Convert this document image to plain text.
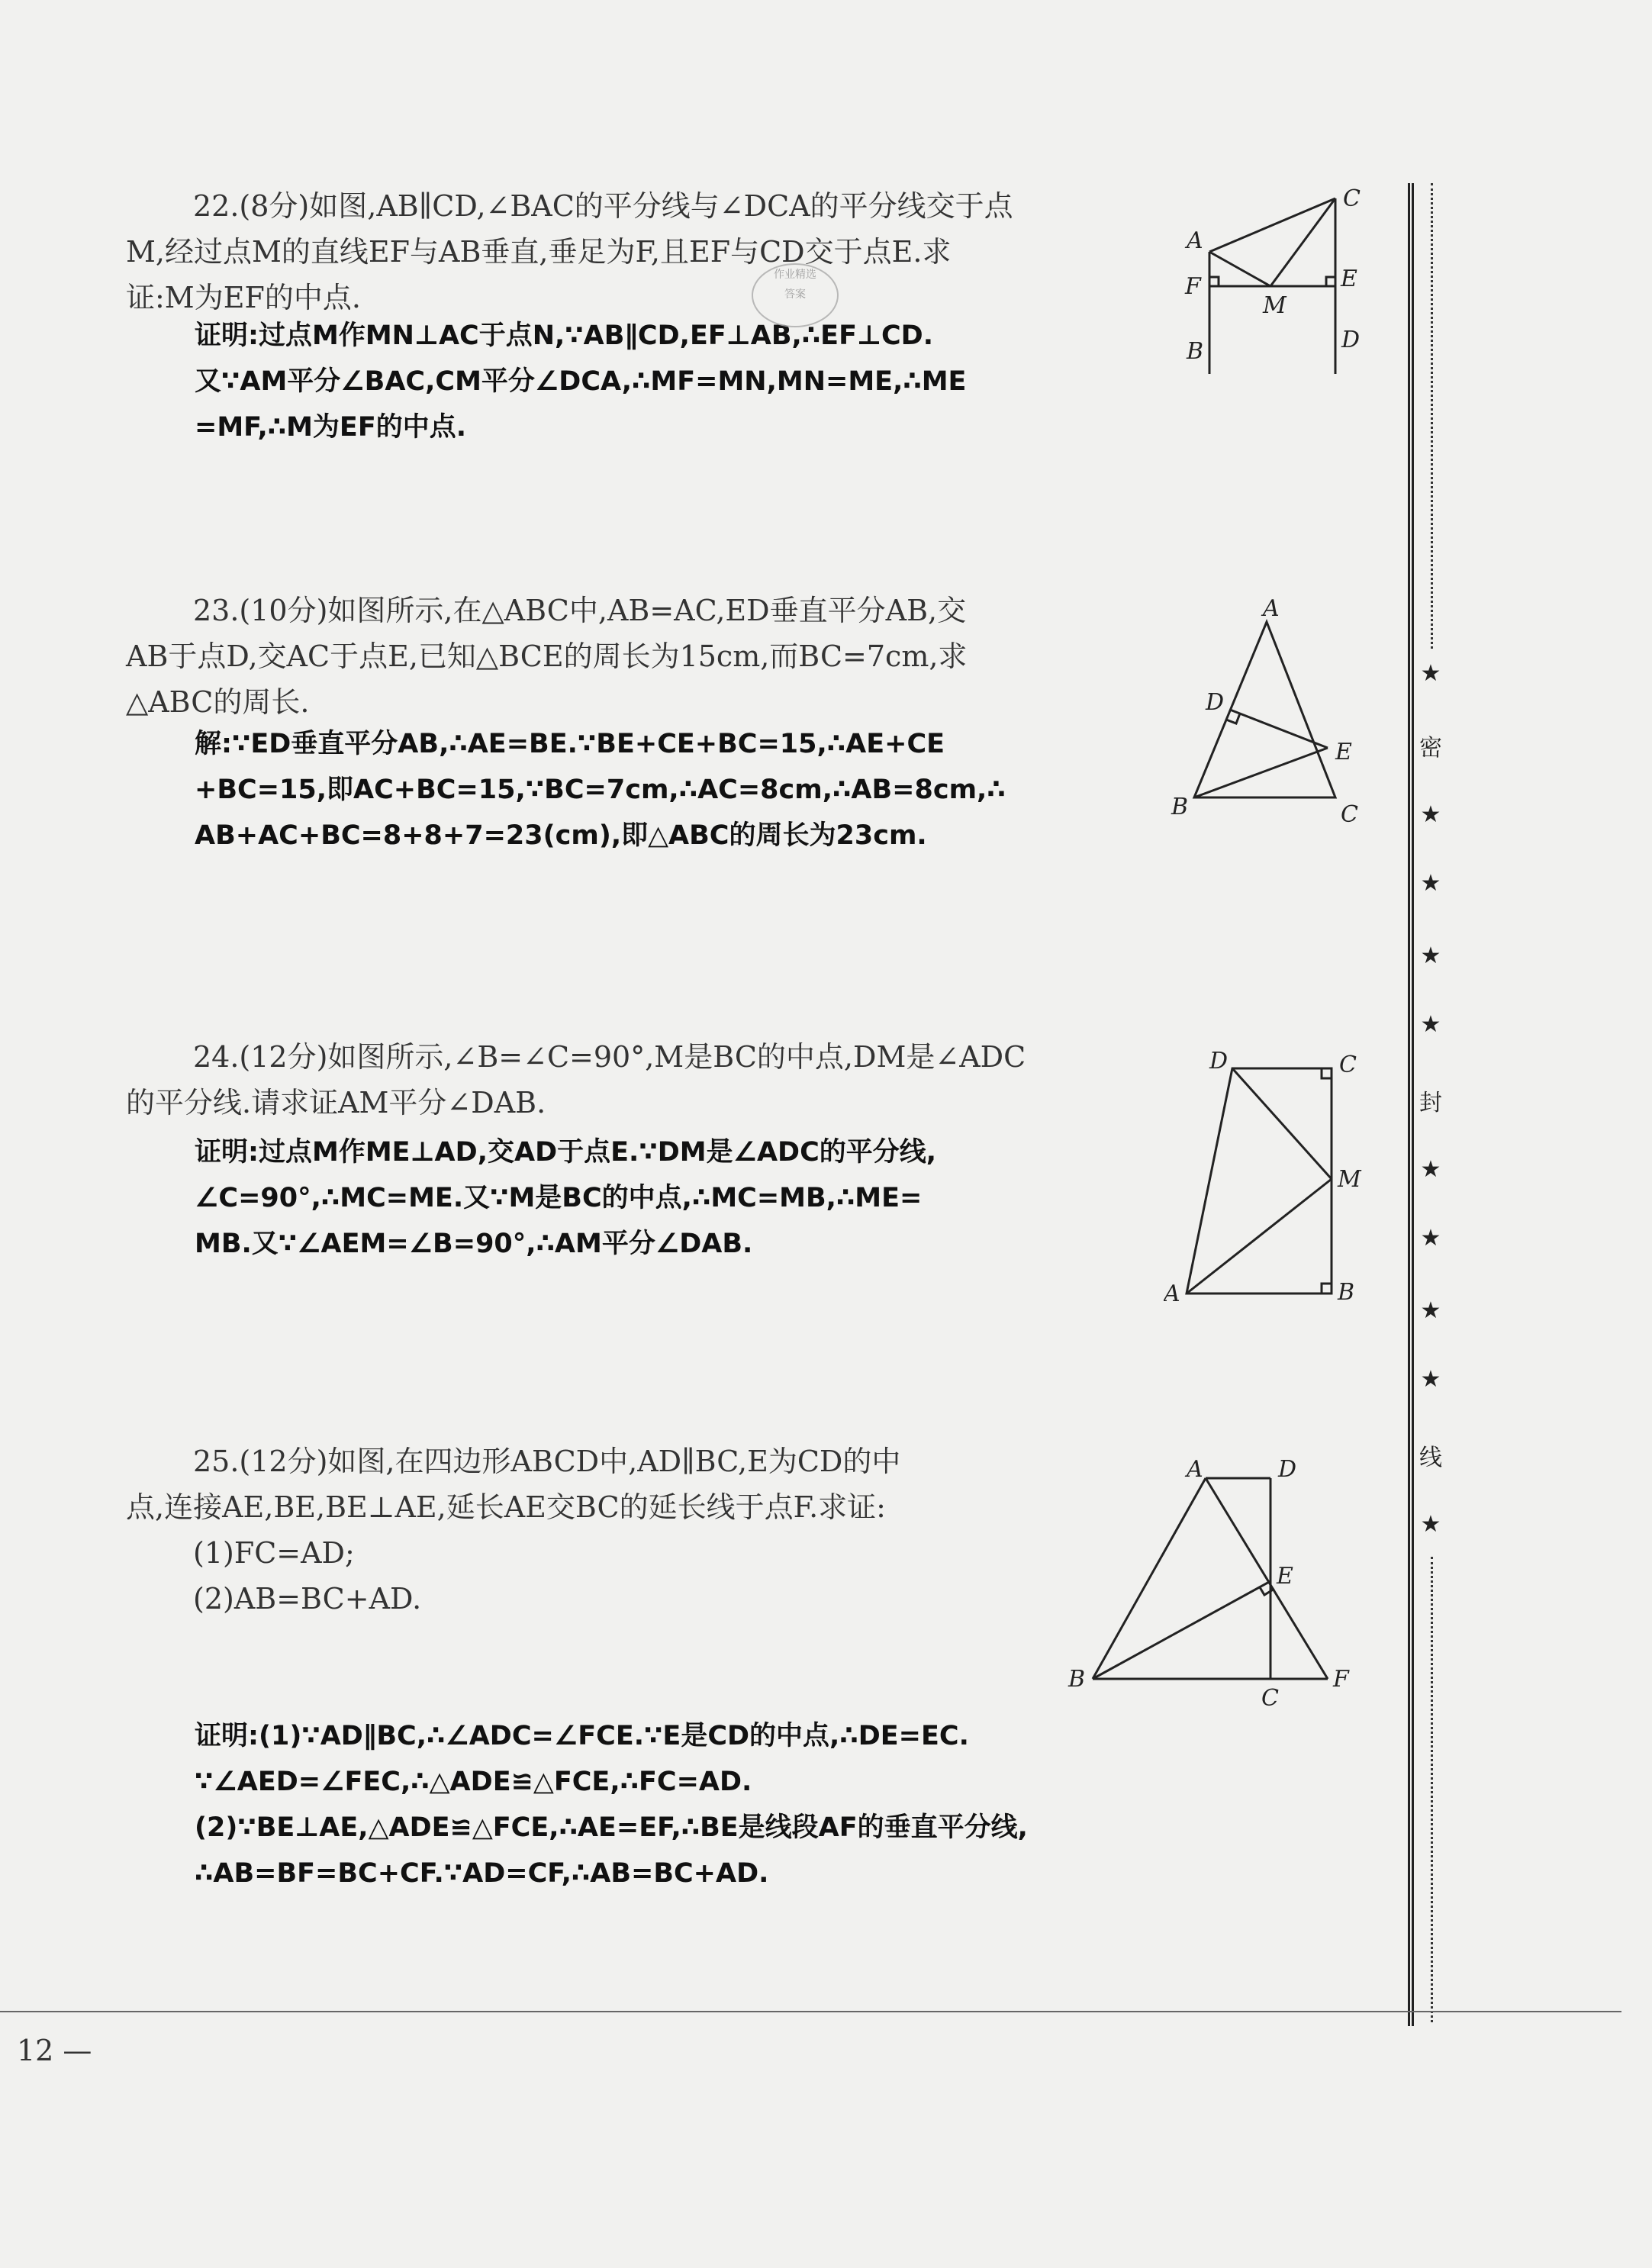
22.(8分)如图,AB∥CD,∠BAC的平分线与∠DCA的平分线交于点

M,经过点M的直线EF与AB垂直,垂足为F,且EF与CD交于点E.求

证:M为EF的中点.

证明:过点M作MN⊥AC于点N,∵AB∥CD,EF⊥AB,∴EF⊥CD.

又∵AM平分∠BAC,CM平分∠DCA,∴MF=MN,MN=ME,∴ME

=MF,∴M为EF的中点.

作业精选
答案
A
C
F
M
E
B	D

23.(10分)如图所示,在△ABC中,AB=AC,ED垂直平分AB,交

AB于点D,交AC于点E,已知△BCE的周长为15cm,而BC=7cm,求

△ABC的周长.

解:∵ED垂直平分AB,∴AE=BE.∵BE+CE+BC=15,∴AE+CE

+BC=15,即AC+BC=15,∵BC=7cm,∴AC=8cm,∴AB=8cm,∴

AB+AC+BC=8+8+7=23(cm),即△ABC的周长为23cm.

A
D
E
B	C

24.(12分)如图所示,∠B=∠C=90°,M是BC的中点,DM是∠ADC

的平分线.请求证AM平分∠DAB.

证明:过点M作ME⊥AD,交AD于点E.∵DM是∠ADC的平分线,

∠C=90°,∴MC=ME.又∵M是BC的中点,∴MC=MB,∴ME=

MB.又∵∠AEM=∠B=90°,∴AM平分∠DAB.

D	C
M
A	B

25.(12分)如图,在四边形ABCD中,AD∥BC,E为CD的中

点,连接AE,BE,BE⊥AE,延长AE交BC的延长线于点F.求证:

(1)FC=AD;

(2)AB=BC+AD.

证明:(1)∵AD∥BC,∴∠ADC=∠FCE.∵E是CD的中点,∴DE=EC.

∵∠AED=∠FEC,∴△ADE≌△FCE,∴FC=AD.

(2)∵BE⊥AE,△ADE≌△FCE,∴AE=EF,∴BE是线段AF的垂直平分线,

∴AB=BF=BC+CF.∵AD=CF,∴AB=BC+AD.

A	D
E
B
C
F
★
密
★
★
★
★
封
★
★
★
★
线
★
12 —
